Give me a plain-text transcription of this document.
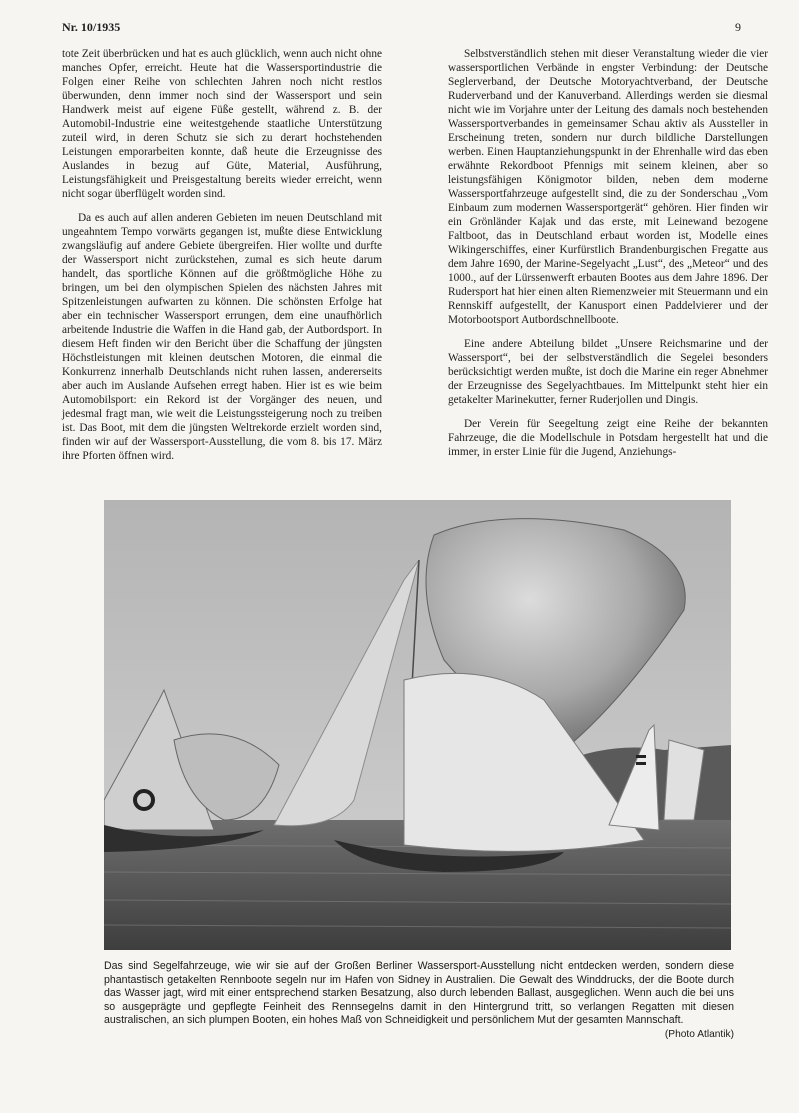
Nr. 10/1935	9

tote Zeit überbrücken und hat es auch glücklich, wenn auch nicht ohne manches Opfer, erreicht. Heute hat die Wassersportindustrie die Folgen einer Reihe von schlechten Jahren noch nicht restlos überwunden, denn immer noch sind der Wassersport und sein Handwerk meist auf eigene Füße gestellt, während z. B. der Automobil-Industrie eine weitestgehende staatliche Unterstützung zuteil wird, in deren Schutz sie sich zu derart hochstehenden Leistungen emporarbeiten konnte, daß heute die Erzeugnisse des Auslandes in bezug auf Güte, Material, Ausführung, Leistungsfähigkeit und Preisgestaltung bereits wieder erreicht, wenn nicht sogar überflügelt worden sind.

Da es auch auf allen anderen Gebieten im neuen Deutschland mit ungeahntem Tempo vorwärts gegangen ist, mußte diese Entwicklung zwangsläufig auf andere Gebiete übergreifen. Hier wollte und durfte der Wassersport nicht zurückstehen, zumal es sich heute darum handelt, das sportliche Können auf die größtmögliche Höhe zu bringen, um bei den olympischen Spielen des nächsten Jahres mit Spitzenleistungen aufwarten zu können. Die schönsten Erfolge hat aber ein technischer Wassersport errungen, dem eine unaufhörlich arbeitende Industrie die Waffen in die Hand gab, der Autbordsport. In diesem Heft finden wir den Bericht über die Schaffung der jüngsten Höchstleistungen mit kleinen deutschen Motoren, die einmal die Konkurrenz innerhalb Deutschlands nicht ruhen lassen, andererseits aber auch im Auslande Aufsehen erregt haben. Hier ist es wie beim Automobilsport: ein Rekord ist der Vorgänger des neuen, und jedesmal fragt man, wie weit die Leistungssteigerung noch zu treiben ist. Das Boot, mit dem die jüngsten Weltrekorde erzielt worden sind, finden wir auf der Wassersport-Ausstellung, die vom 8. bis 17. März ihre Pforten öffnen wird.

Selbstverständlich stehen mit dieser Veranstaltung wieder die vier wassersportlichen Verbände in engster Verbindung: der Deutsche Seglerverband, der Deutsche Motoryachtverband, der Deutsche Ruderverband und der Kanuverband. Allerdings werden sie diesmal nicht wie im Vorjahre unter der Leitung des damals noch bestehenden Wassersportverbandes in gemeinsamer Schau aktiv als Aussteller in Erscheinung treten, sondern nur durch bildliche Darstellungen werben. Einen Hauptanziehungspunkt in der Ehrenhalle wird das eben erwähnte Rekordboot Pfennigs mit seinem kleinen, aber so leistungsfähigen Königmotor bilden, neben dem moderne Wassersportfahrzeuge aufgestellt sind, die zu der Sonderschau „Vom Einbaum zum modernen Wassersportgerät“ gehören. Hier finden wir ein Grönländer Kajak und das erste, mit Leinewand bezogene Faltboot, das in Deutschland erbaut worden ist, Modelle eines Wikingerschiffes, einer Kurfürstlich Brandenburgischen Fregatte aus dem Jahre 1690, der Marine-Segelyacht „Lust“, des „Meteor“ und des 1000., auf der Lürssenwerft erbauten Bootes aus dem Jahre 1896. Der Rudersport hat hier einen alten Riemenzweier mit Steuermann und ein Rennskiff aufgestellt, der Kanusport einen Paddelvierer und der Motorbootsport Autbordschnellboote.

Eine andere Abteilung bildet „Unsere Reichsmarine und der Wassersport“, bei der selbstverständlich die Segelei besonders berücksichtigt werden mußte, ist doch die Marine ein reger Abnehmer der Erzeugnisse des Segelyachtbaues. Im Mittelpunkt steht hier ein getakelter Marinekutter, ferner Ruderjollen und Dingis.

Der Verein für Seegeltung zeigt eine Reihe der bekannten Fahrzeuge, die die Modellschule in Potsdam hergestellt hat und die immer, in erster Linie für die Jugend, Anziehungs-

Das sind Segelfahrzeuge, wie wir sie auf der Großen Berliner Wassersport-Ausstellung nicht entdecken werden, sondern diese phantastisch getakelten Rennboote segeln nur im Hafen von Sidney in Australien. Die Gewalt des Winddrucks, der die Boote durch das Wasser jagt, wird mit einer entsprechend starken Besatzung, also durch lebenden Ballast, ausgeglichen. Wenn auch die bei uns so ausgeprägte und gepflegte Feinheit des Rennsegelns damit in den Hintergrund tritt, so verlangen Regatten mit diesen australischen, an sich plumpen Booten, ein hohes Maß von Schneidigkeit und persönlichem Mut der gesamten Mannschaft.
(Photo Atlantik)
